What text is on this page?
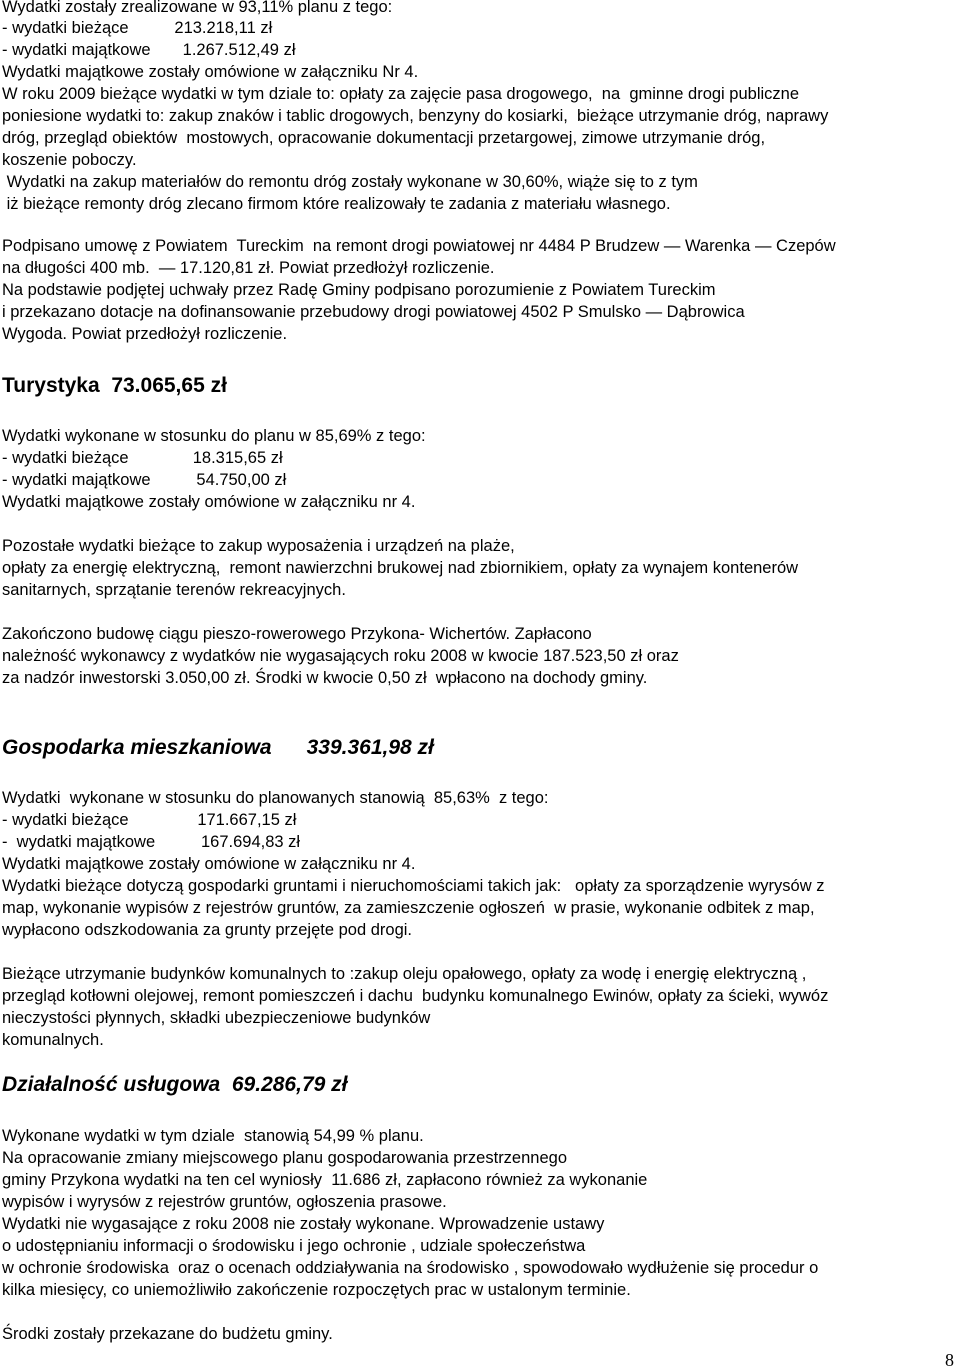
Wydatki zostały zrealizowane w 93,11% planu z tego:
- wydatki bieżące          213.218,11 zł
- wydatki majątkowe       1.267.512,49 zł
Wydatki majątkowe zostały omówione w załączniku Nr 4.
W roku 2009 bieżące wydatki w tym dziale to: opłaty za zajęcie pasa drogowego,  na  gminne drogi publiczne
poniesione wydatki to: zakup znaków i tablic drogowych, benzyny do kosiarki,  bieżące utrzymanie dróg, naprawy
dróg, przegląd obiektów  mostowych, opracowanie dokumentacji przetargowej, zimowe utrzymanie dróg,
koszenie poboczy.
Wydatki na zakup materiałów do remontu dróg zostały wykonane w 30,60%, wiąże się to z tym
iż bieżące remonty dróg zlecano firmom które realizowały te zadania z materiału własnego.
Podpisano umowę z Powiatem  Tureckim  na remont drogi powiatowej nr 4484 P Brudzew — Warenka — Czepów
na długości 400 mb.  — 17.120,81 zł. Powiat przedłożył rozliczenie.
Na podstawie podjętej uchwały przez Radę Gminy podpisano porozumienie z Powiatem Tureckim
i przekazano dotacje na dofinansowanie przebudowy drogi powiatowej 4502 P Smulsko — Dąbrowica
Wygoda. Powiat przedłożył rozliczenie.
Turystyka  73.065,65 zł
Wydatki wykonane w stosunku do planu w 85,69% z tego:
- wydatki bieżące              18.315,65 zł
- wydatki majątkowe          54.750,00 zł
Wydatki majątkowe zostały omówione w załączniku nr 4.
Pozostałe wydatki bieżące to zakup wyposażenia i urządzeń na plaże,
opłaty za energię elektryczną,  remont nawierzchni brukowej nad zbiornikiem, opłaty za wynajem kontenerów
sanitarnych, sprzątanie terenów rekreacyjnych.
Zakończono budowę ciągu pieszo-rowerowego Przykona- Wichertów. Zapłacono
należność wykonawcy z wydatków nie wygasających roku 2008 w kwocie 187.523,50 zł oraz
za nadzór inwestorski 3.050,00 zł. Środki w kwocie 0,50 zł  wpłacono na dochody gminy.
Gospodarka mieszkaniowa      339.361,98 zł
Wydatki  wykonane w stosunku do planowanych stanowią  85,63%  z tego:
- wydatki bieżące               171.667,15 zł
-  wydatki majątkowe          167.694,83 zł
Wydatki majątkowe zostały omówione w załączniku nr 4.
Wydatki bieżące dotyczą gospodarki gruntami i nieruchomościami takich jak:   opłaty za sporządzenie wyrysów z
map, wykonanie wypisów z rejestrów gruntów, za zamieszczenie ogłoszeń  w prasie, wykonanie odbitek z map,
wypłacono odszkodowania za grunty przejęte pod drogi.
Bieżące utrzymanie budynków komunalnych to :zakup oleju opałowego, opłaty za wodę i energię elektryczną ,
przegląd kotłowni olejowej, remont pomieszczeń i dachu  budynku komunalnego Ewinów, opłaty za ścieki, wywóz
nieczystości płynnych, składki ubezpieczeniowe budynków
komunalnych.
Działalność usługowa  69.286,79 zł
Wykonane wydatki w tym dziale  stanowią 54,99 % planu.
Na opracowanie zmiany miejscowego planu gospodarowania przestrzennego
gminy Przykona wydatki na ten cel wyniosły  11.686 zł, zapłacono również za wykonanie
wypisów i wyrysów z rejestrów gruntów, ogłoszenia prasowe.
Wydatki nie wygasające z roku 2008 nie zostały wykonane. Wprowadzenie ustawy
o udostępnianiu informacji o środowisku i jego ochronie , udziale społeczeństwa
w ochronie środowiska  oraz o ocenach oddziaływania na środowisko , spowodowało wydłużenie się procedur o
kilka miesięcy, co uniemożliwiło zakończenie rozpoczętych prac w ustalonym terminie.
Środki zostały przekazane do budżetu gminy.
8
